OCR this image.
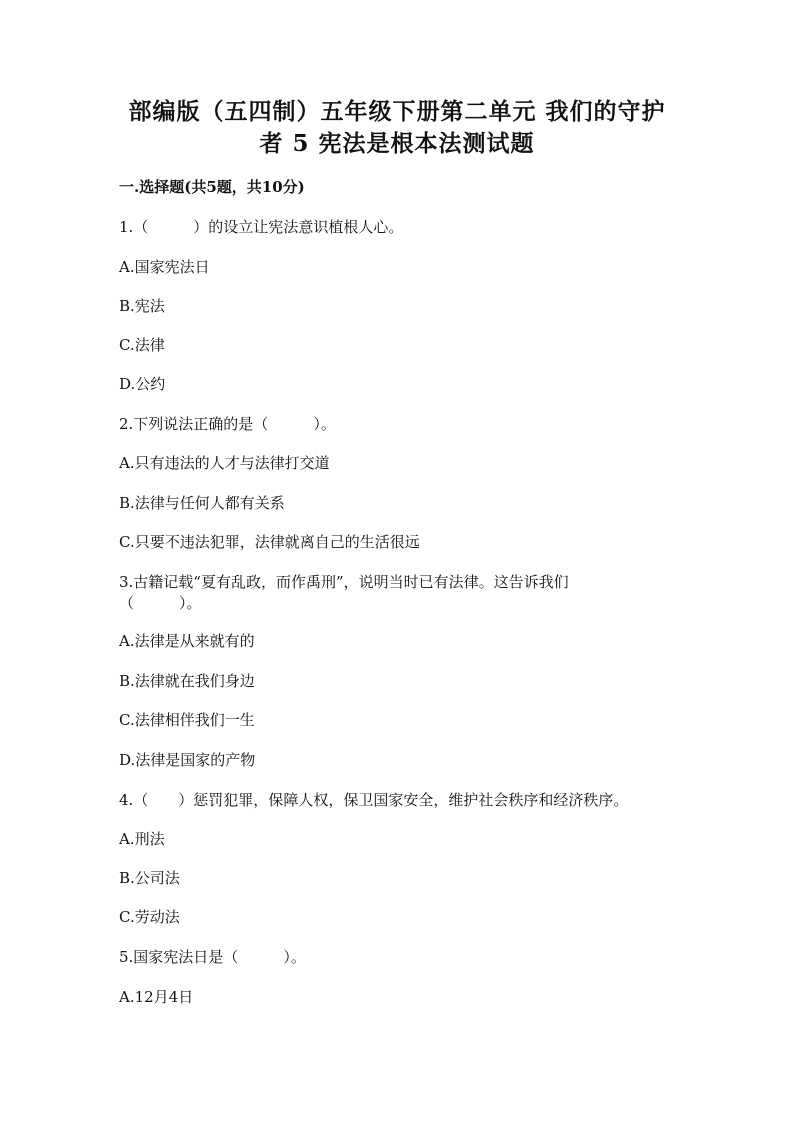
部编版（五四制）五年级下册第二单元 我们的守护
者 5 宪法是根本法测试题
一.选择题(共5题，共10分)
1.（　　　）的设立让宪法意识植根人心。
A.国家宪法日
B.宪法
C.法律
D.公约
2.下列说法正确的是（　　　）。
A.只有违法的人才与法律打交道
B.法律与任何人都有关系
C.只要不违法犯罪，法律就离自己的生活很远
3.古籍记载“夏有乱政，而作禹刑”，说明当时已有法律。这告诉我们
（　　　）。
A.法律是从来就有的
B.法律就在我们身边
C.法律相伴我们一生
D.法律是国家的产物
4.（　　）惩罚犯罪，保障人权，保卫国家安全，维护社会秩序和经济秩序。
A.刑法
B.公司法
C.劳动法
5.国家宪法日是（　　　）。
A.12月4日
